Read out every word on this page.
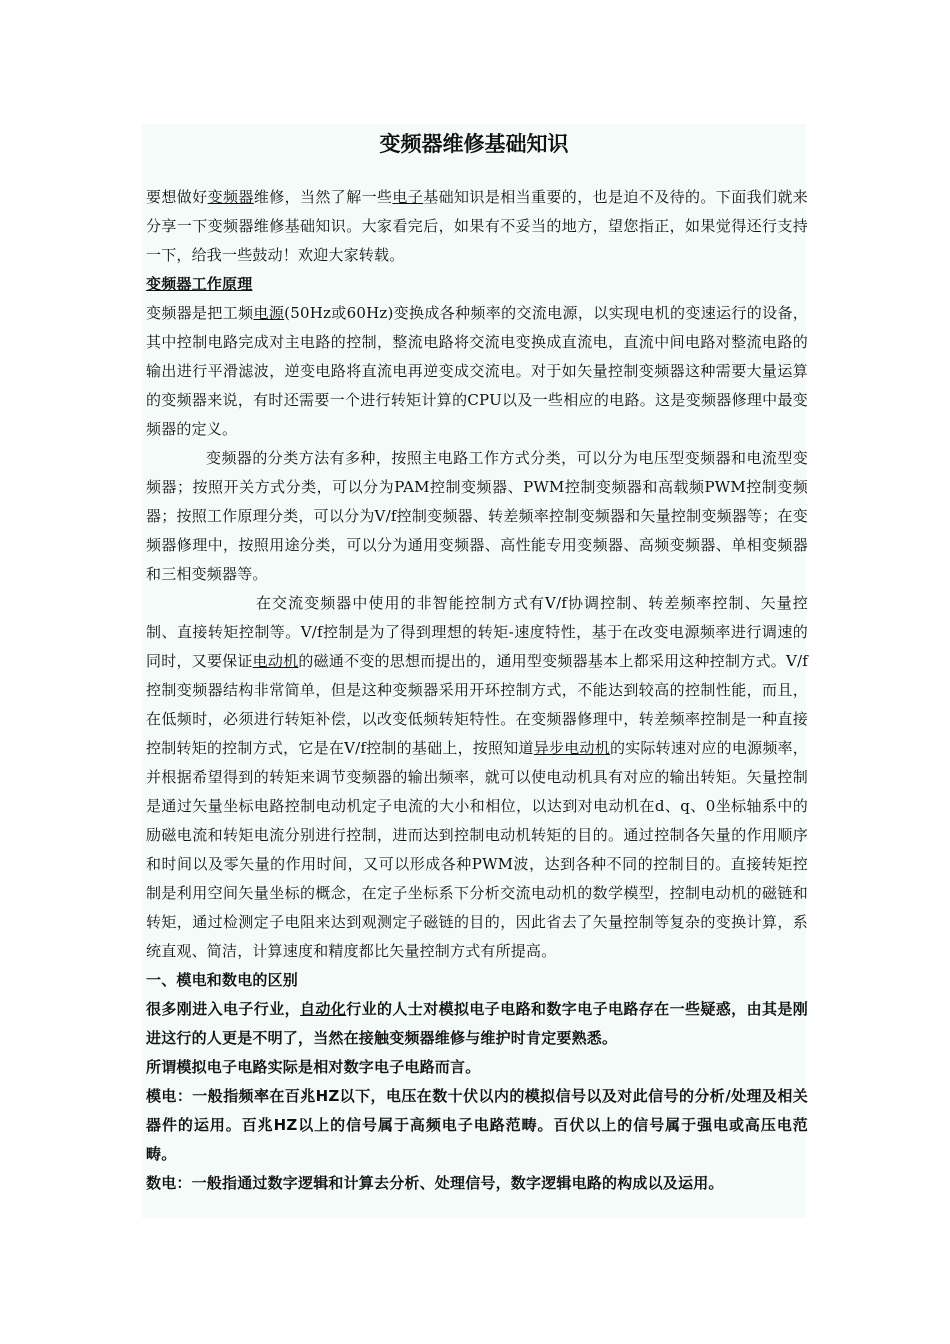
变频器维修基础知识

要想做好变频器维修，当然了解一些电子基础知识是相当重要的，也是迫不及待的。下面我们就来分享一下变频器维修基础知识。大家看完后，如果有不妥当的地方，望您指正，如果觉得还行支持一下，给我一些鼓动！欢迎大家转载。

变频器工作原理

变频器是把工频电源(50Hz或60Hz)变换成各种频率的交流电源，以实现电机的变速运行的设备，其中控制电路完成对主电路的控制，整流电路将交流电变换成直流电，直流中间电路对整流电路的输出进行平滑滤波，逆变电路将直流电再逆变成交流电。对于如矢量控制变频器这种需要大量运算的变频器来说，有时还需要一个进行转矩计算的CPU以及一些相应的电路。这是变频器修理中最变频器的定义。

变频器的分类方法有多种，按照主电路工作方式分类，可以分为电压型变频器和电流型变频器；按照开关方式分类，可以分为PAM控制变频器、PWM控制变频器和高载频PWM控制变频器；按照工作原理分类，可以分为V/f控制变频器、转差频率控制变频器和矢量控制变频器等；在变频器修理中，按照用途分类，可以分为通用变频器、高性能专用变频器、高频变频器、单相变频器和三相变频器等。

在交流变频器中使用的非智能控制方式有V/f协调控制、转差频率控制、矢量控制、直接转矩控制等。V/f控制是为了得到理想的转矩-速度特性，基于在改变电源频率进行调速的同时，又要保证电动机的磁通不变的思想而提出的，通用型变频器基本上都采用这种控制方式。V/f控制变频器结构非常简单，但是这种变频器采用开环控制方式，不能达到较高的控制性能，而且，在低频时，必须进行转矩补偿，以改变低频转矩特性。在变频器修理中，转差频率控制是一种直接控制转矩的控制方式，它是在V/f控制的基础上，按照知道异步电动机的实际转速对应的电源频率，并根据希望得到的转矩来调节变频器的输出频率，就可以使电动机具有对应的输出转矩。矢量控制是通过矢量坐标电路控制电动机定子电流的大小和相位，以达到对电动机在d、q、0坐标轴系中的励磁电流和转矩电流分别进行控制，进而达到控制电动机转矩的目的。通过控制各矢量的作用顺序和时间以及零矢量的作用时间，又可以形成各种PWM波，达到各种不同的控制目的。直接转矩控制是利用空间矢量坐标的概念，在定子坐标系下分析交流电动机的数学模型，控制电动机的磁链和转矩，通过检测定子电阻来达到观测定子磁链的目的，因此省去了矢量控制等复杂的变换计算，系统直观、简洁，计算速度和精度都比矢量控制方式有所提高。

一、模电和数电的区别

很多刚进入电子行业，自动化行业的人士对模拟电子电路和数字电子电路存在一些疑惑，由其是刚进这行的人更是不明了，当然在接触变频器维修与维护时肯定要熟悉。

所谓模拟电子电路实际是相对数字电子电路而言。

模电：一般指频率在百兆HZ以下，电压在数十伏以内的模拟信号以及对此信号的分析/处理及相关器件的运用。百兆HZ以上的信号属于高频电子电路范畴。百伏以上的信号属于强电或高压电范畴。

数电：一般指通过数字逻辑和计算去分析、处理信号，数字逻辑电路的构成以及运用。
